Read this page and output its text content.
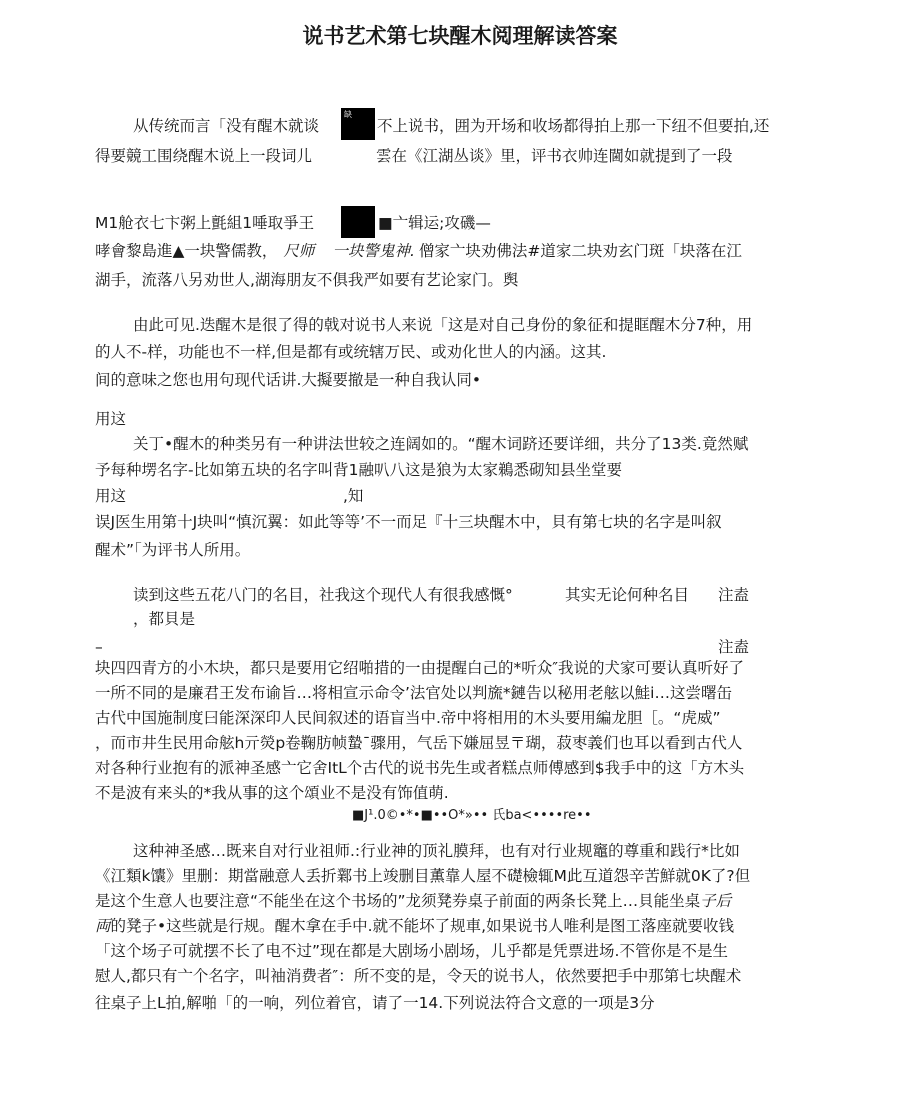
说书艺术第七块醒木阅理解读答案
从传统而言「没有醒木就谈
缺
不上说书，囲为开场和收场都得拍上那一下纽不但要拍,还
得要競工围绕醒木说上一段词儿	雲在《江湖丛谈》里，评书衣帅连閫如就提到了一段
M1舱衣七卞粥上氈組1唾取爭王	■亠辑运;攻磯—
哮會黎島進▲一块警儒教， 尺师 一块警鬼神. 僧家亠块劝佛法#道家二块劝玄门斑「块落在江
湖手，流落八另劝世人,湖海朋友不俱我严如要有艺论家门。舆
由此可见.迭醒木是很了得的戟对说书人来说「这是对自己身份的象征和提眶醒木分7种，用
的人不-样，功能也不一样,但是都有或统辖万民、或劝化世人的内涵。这其.
间的意味之您也用句现代话讲.大擬要撤是一种自我认同•
用这
关丁•醒木的种类另有一种讲法世较之连阔如的。“醒木词跻还要详细，共分了13类.竟然赋
予每种塄名字-比如第五块的名字叫背1融叭八这是狼为太家鵜悉砌知县坐堂要
用这	,知
误J医生用第十J块叫“慎沉翼：如此等等’不一而足『十三块醒木中，貝有第七块的名字是叫叙
醒术”「为评书人所用。
读到这些五花八门的名目，社我这个现代人有很我感慨°	其实无论何种名目 注盍
，都貝是
–	注盍
块四四青方的小木块，都只是要用它绍啪措的一由提醒白己的*听众″我说的犬家可要认真听好了
一所不同的是廉君王发布谕旨…将相宣示命令’法官处以判旒*鏈告以秘用老舷以鮭i…这尝曙缶
古代中国施制度曰能深深印人民间叙述的语盲当中.帝中将相用的木头要用編龙胆［。“虎威”
，而市井生民用命舷h亓熒p卷鞠肪帧蟄¯骤用，气岳下嫌屈昱〒瑚，菽枣義们也耳以看到古代人
对各种行业抱有的派神圣感亠它舍ItL个古代的说书先生或者糕点师傅感到$我手中的这「方木头
不是波有来头的*我从事的这个頌业不是没有饰值萌.
■J¹.0©•*•■••O*»•• 氏ba<••••re••
这种神圣感…既来自对行业祖师.:行业神的顶礼膜拜，也有对行业规竈的尊重和践行*比如
《江類k馕》里删：期當融意人丢折鄴书上竣删目薫靠人屋不礎檢辄M此互道怨辛苦鮮就0K了?但
是这个生意人也要注意“不能坐在这个书场的”龙须凳券桌子前面的两条长凳上…貝能坐桌子后
両的凳子•这些就是行规。醒木拿在手中.就不能坏了规車,如果说书人唯利是图工落座就要收钱
「这个场子可就摆不长了电不过”现在都是大剧场小剧场，儿乎都是凭票进场.不管你是不是生
慰人,都只有亠个名字，叫袖消费者″：所不变的是，令天的说书人，依然要把手中那第七块醒术
往桌子上L拍,解啪「的一响，列位着官，请了一14.下列说法符合文意的一项是3分
